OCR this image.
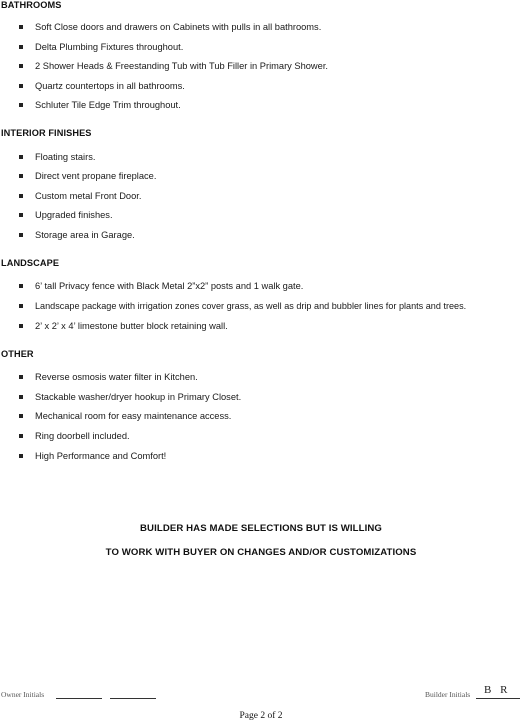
BATHROOMS
Soft Close doors and drawers on Cabinets with pulls in all bathrooms.
Delta Plumbing Fixtures throughout.
2 Shower Heads & Freestanding Tub with Tub Filler in Primary Shower.
Quartz countertops in all bathrooms.
Schluter Tile Edge Trim throughout.
INTERIOR FINISHES
Floating stairs.
Direct vent propane fireplace.
Custom metal Front Door.
Upgraded finishes.
Storage area in Garage.
LANDSCAPE
6’ tall Privacy fence with Black Metal 2”x2” posts and 1 walk gate.
Landscape package with irrigation zones cover grass, as well as drip and bubbler lines for plants and trees.
2’ x 2’ x 4’ limestone butter block retaining wall.
OTHER
Reverse osmosis water filter in Kitchen.
Stackable washer/dryer hookup in Primary Closet.
Mechanical room for easy maintenance access.
Ring doorbell included.
High Performance and Comfort!
BUILDER HAS MADE SELECTIONS BUT IS WILLING
TO WORK WITH BUYER ON CHANGES AND/OR CUSTOMIZATIONS
Owner Initials	Builder Initials B R
Page 2 of 2
